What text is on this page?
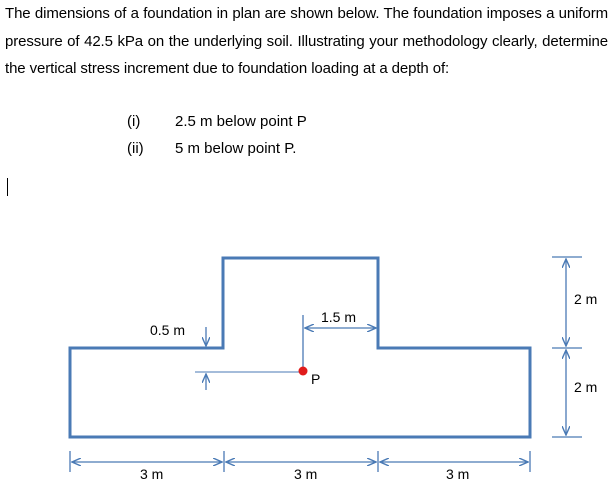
The dimensions of a foundation in plan are shown below. The foundation imposes a uniform pressure of 42.5 kPa on the underlying soil. Illustrating your methodology clearly, determine the vertical stress increment due to foundation loading at a depth of:
(i)	2.5 m below point P
(ii)	5 m below point P.
0.5 m
1.5 m
P
2 m
2 m
3 m	3 m	3 m
